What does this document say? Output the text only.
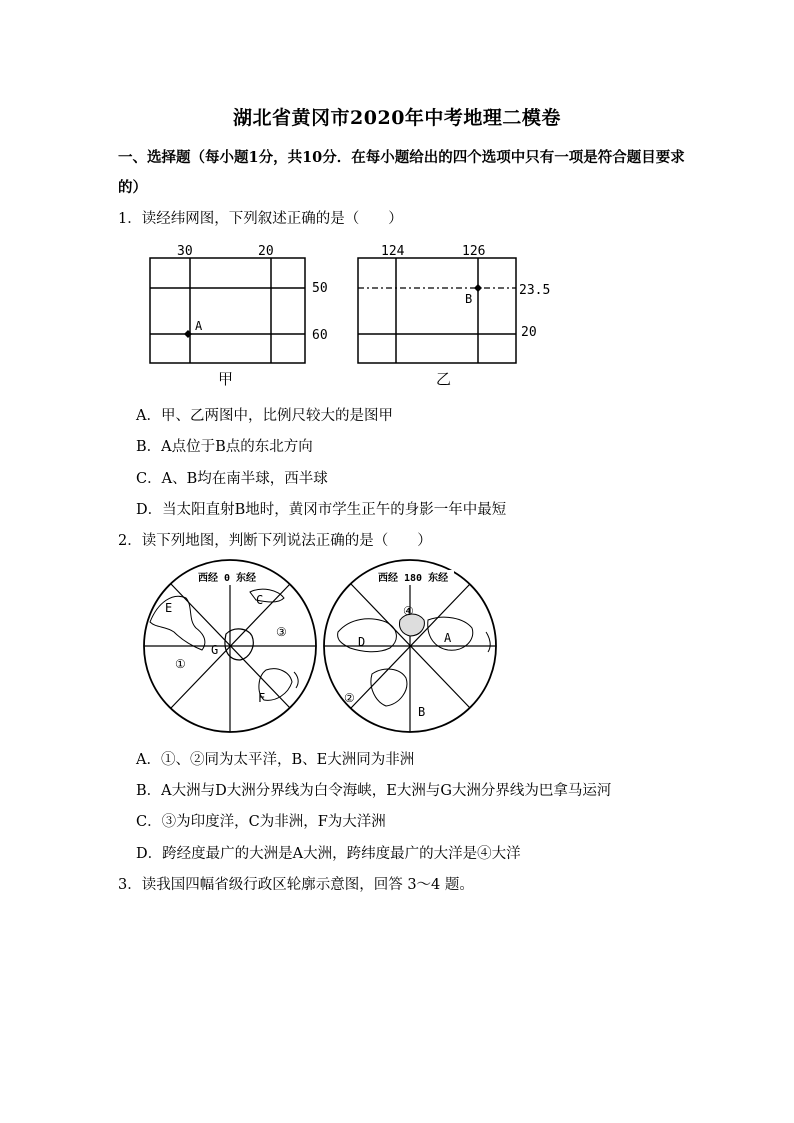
湖北省黄冈市2020年中考地理二模卷
一、选择题（每小题1分，共10分．在每小题给出的四个选项中只有一项是符合题目要求
的）
1．读经纬网图，下列叙述正确的是（　　）
30	20
50
60
A
甲
124	126
23.5
20
B
乙
A．甲、乙两图中，比例尺较大的是图甲
B．A点位于B点的东北方向
C．A、B均在南半球，西半球
D．当太阳直射B地时，黄冈市学生正午的身影一年中最短
2．读下列地图，判断下列说法正确的是（　　）
西经 0 东经
C
E
③
①
G
F
西经 180 东经
④
D	A
②
B
A．①、②同为太平洋，B、E大洲同为非洲
B．A大洲与D大洲分界线为白令海峡，E大洲与G大洲分界线为巴拿马运河
C．③为印度洋，C为非洲，F为大洋洲
D．跨经度最广的大洲是A大洲，跨纬度最广的大洋是④大洋
3．读我国四幅省级行政区轮廓示意图，回答 3～4 题。
